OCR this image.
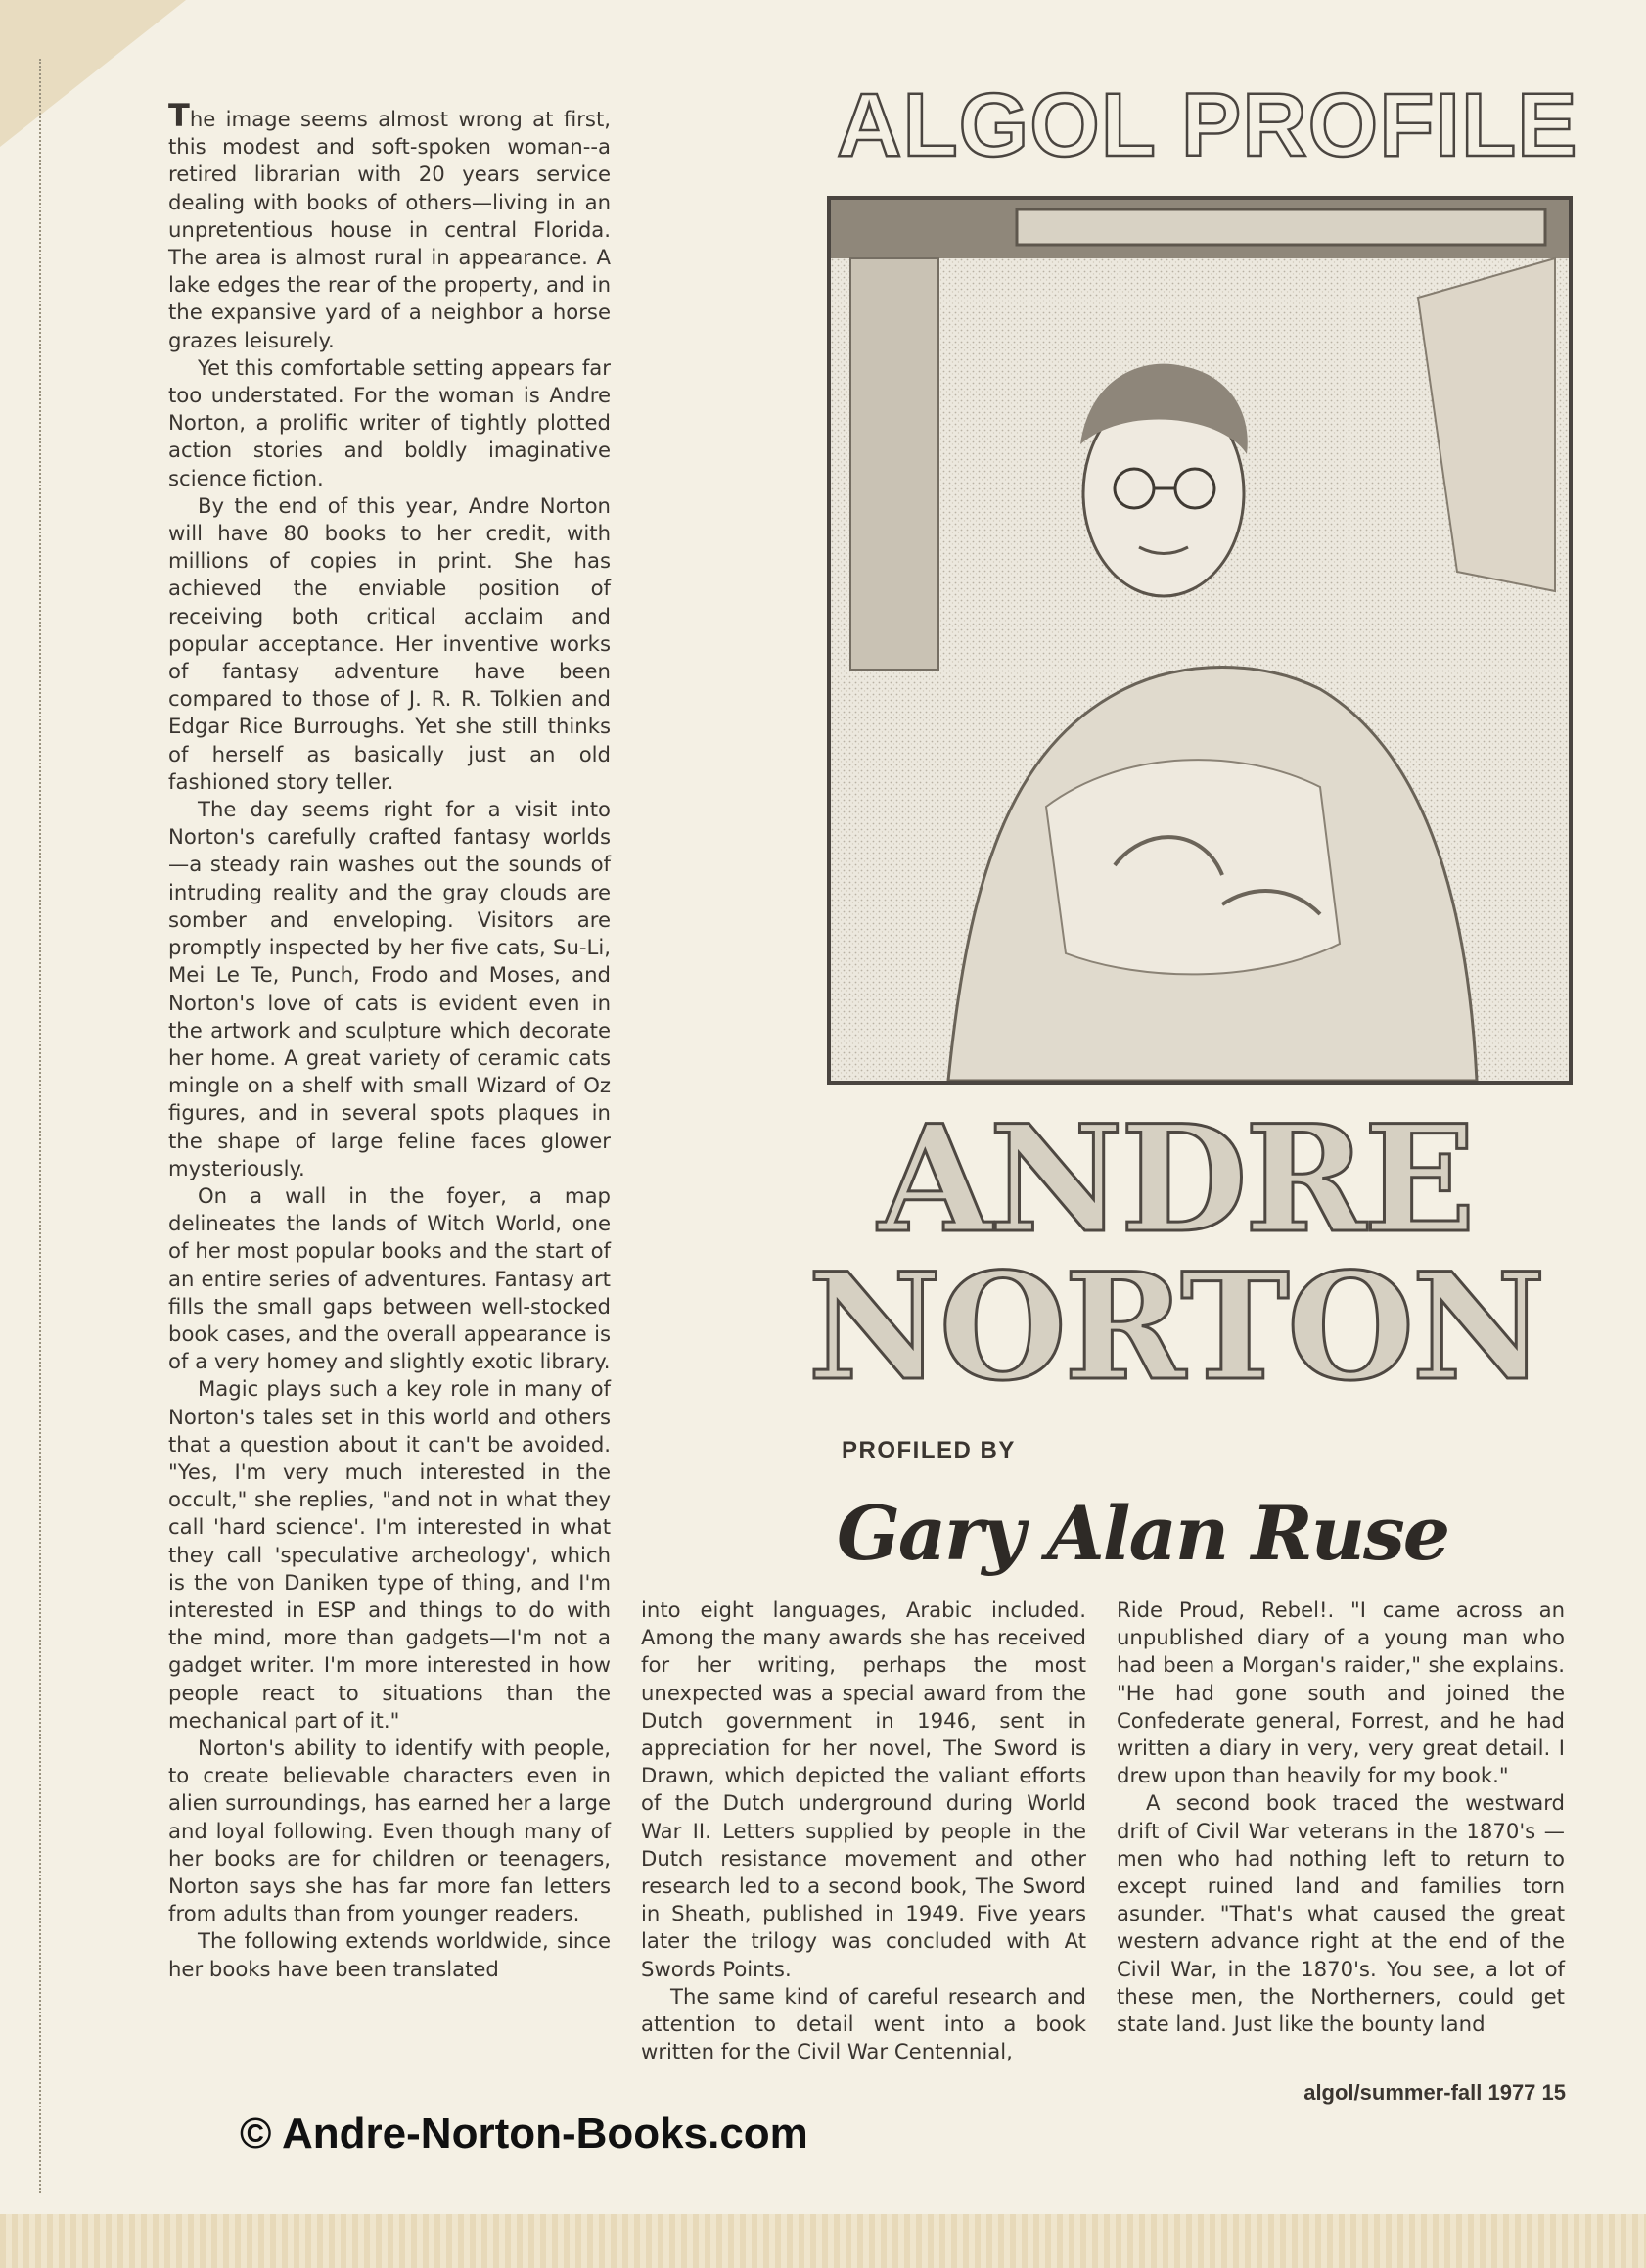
The image seems almost wrong at first, this modest and soft-spoken woman--a retired librarian with 20 years service dealing with books of others—living in an unpretentious house in central Florida. The area is almost rural in appearance. A lake edges the rear of the property, and in the expansive yard of a neighbor a horse grazes leisurely.

Yet this comfortable setting appears far too understated. For the woman is Andre Norton, a prolific writer of tightly plotted action stories and boldly imaginative science fiction.

By the end of this year, Andre Norton will have 80 books to her credit, with millions of copies in print. She has achieved the enviable position of receiving both critical acclaim and popular acceptance. Her inventive works of fantasy adventure have been compared to those of J. R. R. Tolkien and Edgar Rice Burroughs. Yet she still thinks of herself as basically just an old fashioned story teller.

The day seems right for a visit into Norton's carefully crafted fantasy worlds —a steady rain washes out the sounds of intruding reality and the gray clouds are somber and enveloping. Visitors are promptly inspected by her five cats, Su-Li, Mei Le Te, Punch, Frodo and Moses, and Norton's love of cats is evident even in the artwork and sculpture which decorate her home. A great variety of ceramic cats mingle on a shelf with small Wizard of Oz figures, and in several spots plaques in the shape of large feline faces glower mysteriously.

On a wall in the foyer, a map delineates the lands of Witch World, one of her most popular books and the start of an entire series of adventures. Fantasy art fills the small gaps between well-stocked book cases, and the overall appearance is of a very homey and slightly exotic library.

Magic plays such a key role in many of Norton's tales set in this world and others that a question about it can't be avoided. "Yes, I'm very much interested in the occult," she replies, "and not in what they call 'hard science'. I'm interested in what they call 'speculative archeology', which is the von Daniken type of thing, and I'm interested in ESP and things to do with the mind, more than gadgets—I'm not a gadget writer. I'm more interested in how people react to situations than the mechanical part of it."

Norton's ability to identify with people, to create believable characters even in alien surroundings, has earned her a large and loyal following. Even though many of her books are for children or teenagers, Norton says she has far more fan letters from adults than from younger readers.

The following extends worldwide, since her books have been translated

ALGOL PROFILE
ANDRE
NORTON
PROFILED BY
Gary Alan Ruse

into eight languages, Arabic included. Among the many awards she has received for her writing, perhaps the most unexpected was a special award from the Dutch government in 1946, sent in appreciation for her novel, The Sword is Drawn, which depicted the valiant efforts of the Dutch underground during World War II. Letters supplied by people in the Dutch resistance movement and other research led to a second book, The Sword in Sheath, published in 1949. Five years later the trilogy was concluded with At Swords Points.

The same kind of careful research and attention to detail went into a book written for the Civil War Centennial,

Ride Proud, Rebel!. "I came across an unpublished diary of a young man who had been a Morgan's raider," she explains. "He had gone south and joined the Confederate general, Forrest, and he had written a diary in very, very great detail. I drew upon than heavily for my book."

A second book traced the westward drift of Civil War veterans in the 1870's —men who had nothing left to return to except ruined land and families torn asunder. "That's what caused the great western advance right at the end of the Civil War, in the 1870's. You see, a lot of these men, the Northerners, could get state land. Just like the bounty land

algol/summer-fall 1977 15
© Andre-Norton-Books.com
